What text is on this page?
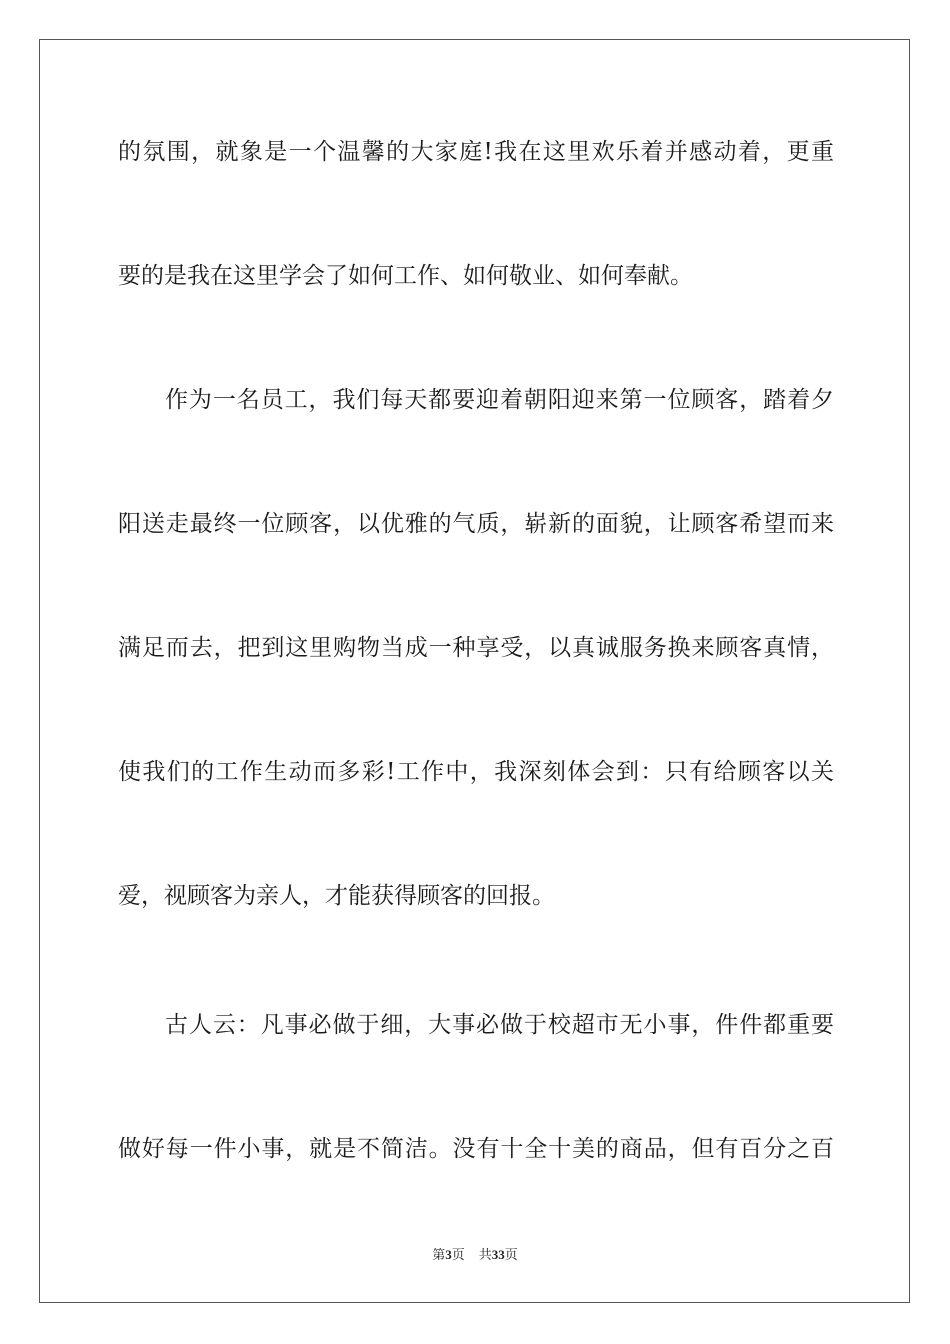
的氛围，就象是一个温馨的大家庭!我在这里欢乐着并感动着，更重
要的是我在这里学会了如何工作、如何敬业、如何奉献。
作为一名员工，我们每天都要迎着朝阳迎来第一位顾客，踏着夕
阳送走最终一位顾客，以优雅的气质，崭新的面貌，让顾客希望而来
满足而去，把到这里购物当成一种享受，以真诚服务换来顾客真情，
使我们的工作生动而多彩!工作中，我深刻体会到：只有给顾客以关
爱，视顾客为亲人，才能获得顾客的回报。
古人云：凡事必做于细，大事必做于校超市无小事，件件都重要
做好每一件小事，就是不简洁。没有十全十美的商品，但有百分之百
第3页 共33页
